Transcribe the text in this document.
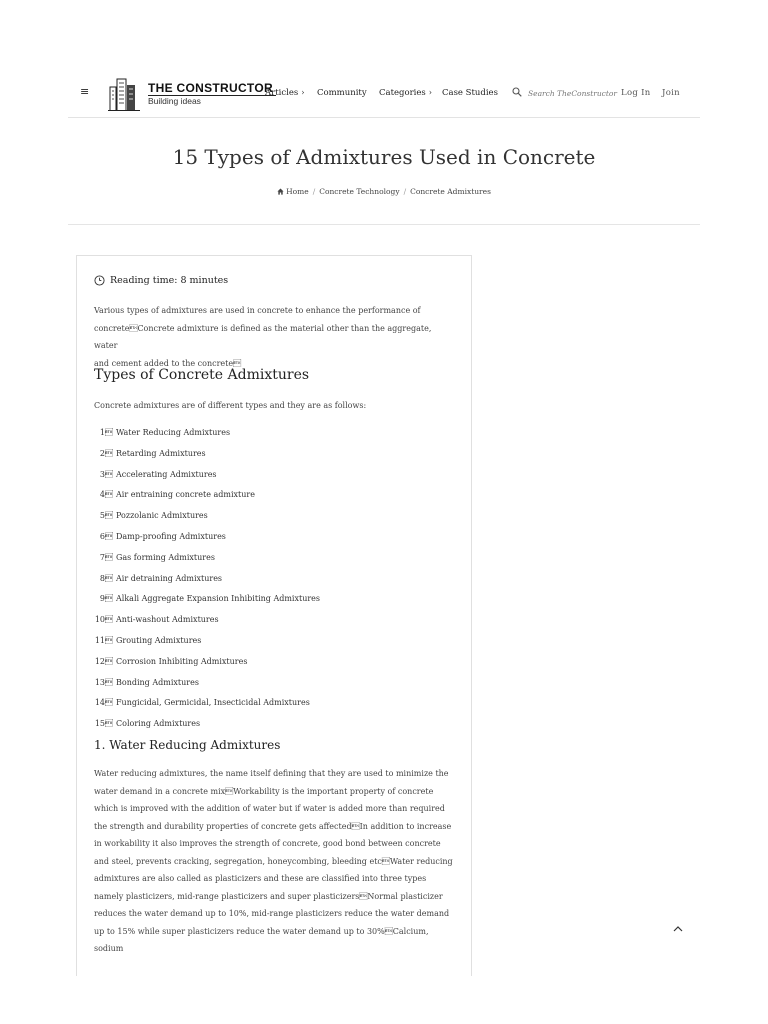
≡	THE CONSTRUCTOR
Building ideas
Articles › Community Categories › Case Studies	Search TheConstructor Log In Join
15 Types of Admixtures Used in Concrete
Home / Concrete Technology / Concrete Admixtures
Reading time: 8 minutes
Various types of admixtures are used in concrete to enhance the performance of
concreteConcrete admixture is defined as the material other than the aggregate, water
and cement added to the concrete
Types of Concrete Admixtures
Concrete admixtures are of different types and they are as follows:
1 Water Reducing Admixtures
2 Retarding Admixtures
3 Accelerating Admixtures
4 Air entraining concrete admixture
5 Pozzolanic Admixtures
6 Damp-proofing Admixtures
7 Gas forming Admixtures
8 Air detraining Admixtures
9 Alkali Aggregate Expansion Inhibiting Admixtures
10 Anti-washout Admixtures
11 Grouting Admixtures
12 Corrosion Inhibiting Admixtures
13 Bonding Admixtures
14 Fungicidal, Germicidal, Insecticidal Admixtures
15 Coloring Admixtures
1. Water Reducing Admixtures
Water reducing admixtures, the name itself defining that they are used to minimize the
water demand in a concrete mixWorkability is the important property of concrete
which is improved with the addition of water but if water is added more than required
the strength and durability properties of concrete gets affectedIn addition to increase
in workability it also improves the strength of concrete, good bond between concrete
and steel, prevents cracking, segregation, honeycombing, bleeding etcWater reducing
admixtures are also called as plasticizers and these are classified into three types
namely plasticizers, mid-range plasticizers and super plasticizersNormal plasticizer
reduces the water demand up to 10%, mid-range plasticizers reduce the water demand
up to 15% while super plasticizers reduce the water demand up to 30%Calcium, sodium
